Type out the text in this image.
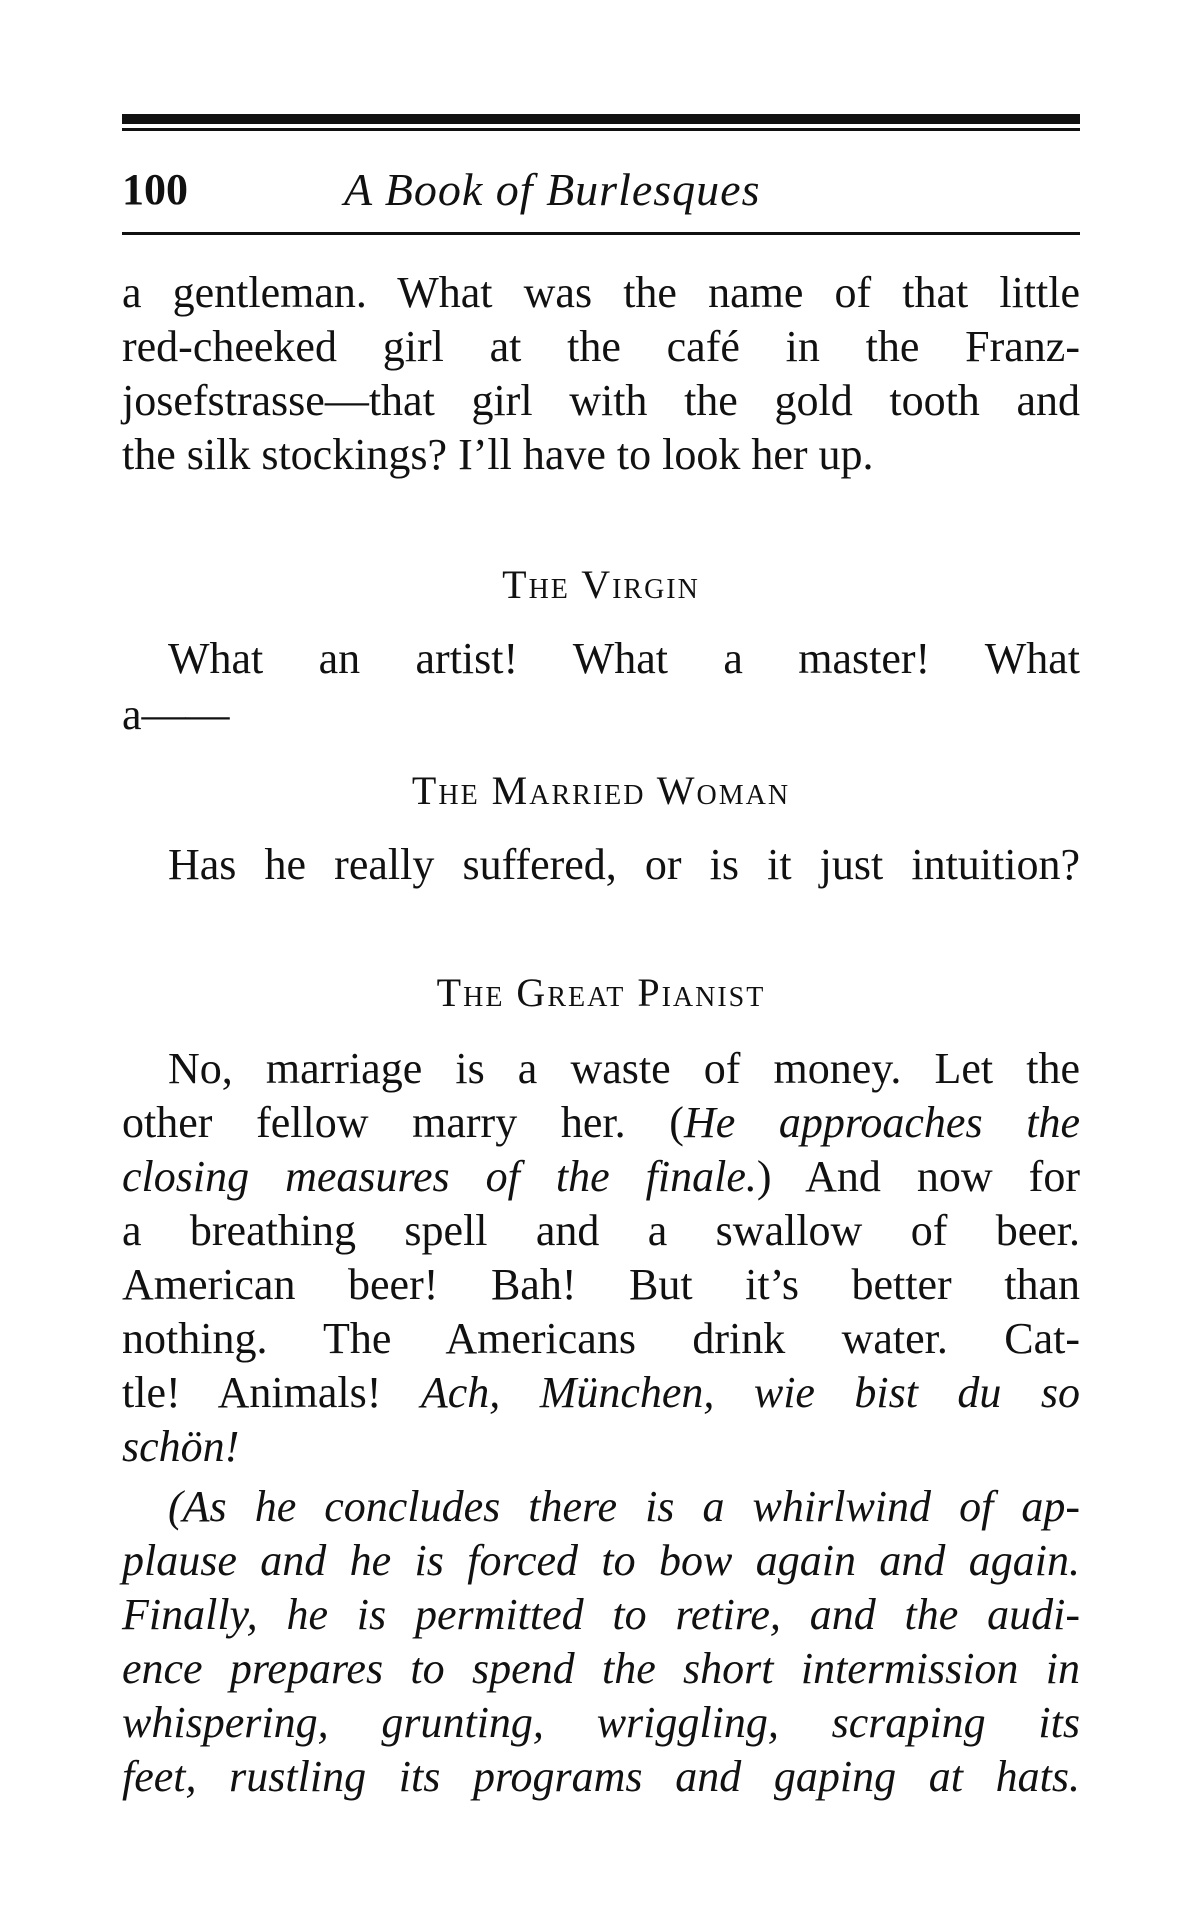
100	A Book of Burlesques
a gentleman. What was the name of that little
red-cheeked girl at the café in the Franz-
josefstrasse—that girl with the gold tooth and
the silk stockings? I’ll have to look her up.
The Virgin
What an artist! What a master! What
a——
The Married Woman
Has he really suffered, or is it just intuition?
The Great Pianist
No, marriage is a waste of money. Let the
other fellow marry her. (He approaches the
closing measures of the finale.) And now for
a breathing spell and a swallow of beer.
American beer! Bah! But it’s better than
nothing. The Americans drink water. Cat-
tle! Animals! Ach, München, wie bist du so
schön!
(As he concludes there is a whirlwind of ap-
plause and he is forced to bow again and again.
Finally, he is permitted to retire, and the audi-
ence prepares to spend the short intermission in
whispering, grunting, wriggling, scraping its
feet, rustling its programs and gaping at hats.
